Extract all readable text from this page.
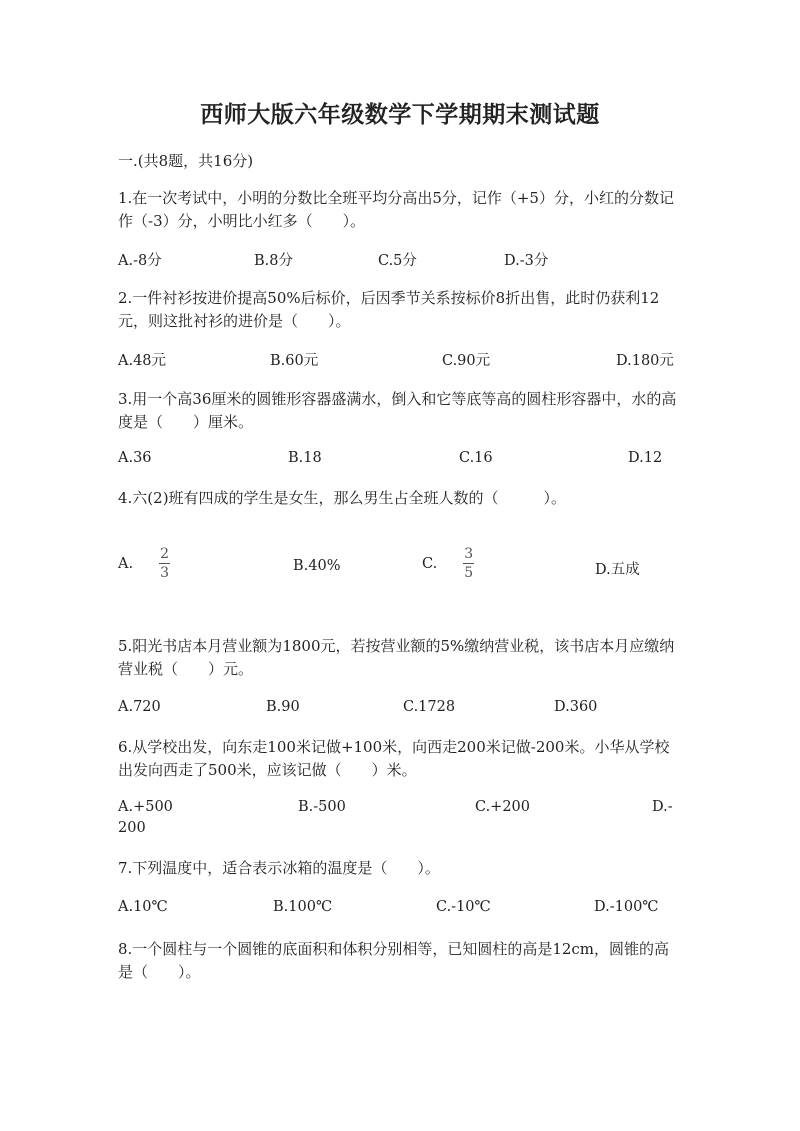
西师大版六年级数学下学期期末测试题
一.(共8题，共16分)
1.在一次考试中，小明的分数比全班平均分高出5分，记作（+5）分，小红的分数记作（-3）分，小明比小红多（　　）。
A.-8分	B.8分	C.5分	D.-3分
2.一件衬衫按进价提高50%后标价，后因季节关系按标价8折出售，此时仍获利12元，则这批衬衫的进价是（　　）。
A.48元	B.60元	C.90元	D.180元
3.用一个高36厘米的圆锥形容器盛满水，倒入和它等底等高的圆柱形容器中，水的高度是（　　）厘米。
A.36	B.18	C.16	D.12
4.六(2)班有四成的学生是女生，那么男生占全班人数的（　　　）。
A. $\frac{2}{3}$	B.40%	C. $\frac{3}{5}$	D.五成
5.阳光书店本月营业额为1800元，若按营业额的5%缴纳营业税，该书店本月应缴纳营业税（　　）元。
A.720	B.90	C.1728	D.360
6.从学校出发，向东走100米记做+100米，向西走200米记做-200米。小华从学校出发向西走了500米，应该记做（　　）米。
A.+500	B.-500	C.+200	D.-
200
7.下列温度中，适合表示冰箱的温度是（　　）。
A.10℃	B.100℃	C.-10℃	D.-100℃
8.一个圆柱与一个圆锥的底面积和体积分别相等，已知圆柱的高是12cm，圆锥的高是（　　）。
